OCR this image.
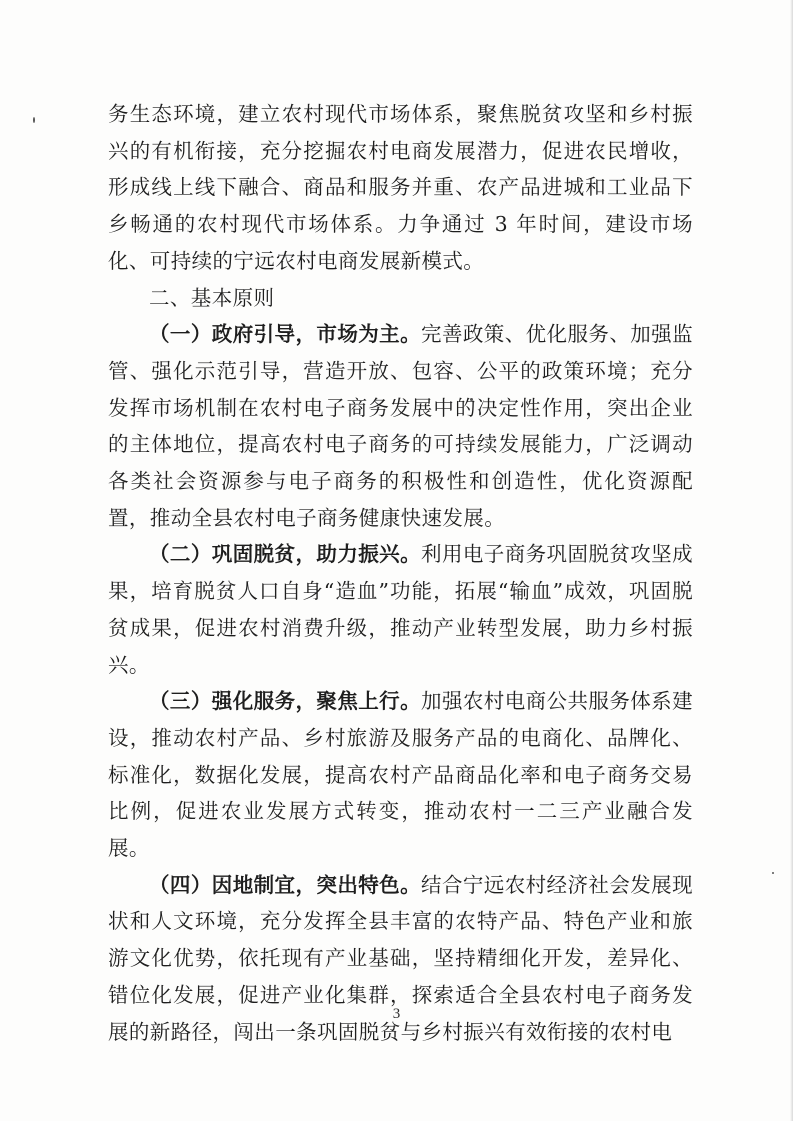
务生态环境，建立农村现代市场体系，聚焦脱贫攻坚和乡村振兴的有机衔接，充分挖掘农村电商发展潜力，促进农民增收，形成线上线下融合、商品和服务并重、农产品进城和工业品下乡畅通的农村现代市场体系。力争通过 3 年时间，建设市场化、可持续的宁远农村电商发展新模式。

二、基本原则

（一）政府引导，市场为主。完善政策、优化服务、加强监管、强化示范引导，营造开放、包容、公平的政策环境；充分发挥市场机制在农村电子商务发展中的决定性作用，突出企业的主体地位，提高农村电子商务的可持续发展能力，广泛调动各类社会资源参与电子商务的积极性和创造性，优化资源配置，推动全县农村电子商务健康快速发展。

（二）巩固脱贫，助力振兴。利用电子商务巩固脱贫攻坚成果，培育脱贫人口自身“造血”功能，拓展“输血”成效，巩固脱贫成果，促进农村消费升级，推动产业转型发展，助力乡村振兴。

（三）强化服务，聚焦上行。加强农村电商公共服务体系建设，推动农村产品、乡村旅游及服务产品的电商化、品牌化、标准化，数据化发展，提高农村产品商品化率和电子商务交易比例，促进农业发展方式转变，推动农村一二三产业融合发展。

（四）因地制宜，突出特色。结合宁远农村经济社会发展现状和人文环境，充分发挥全县丰富的农特产品、特色产业和旅游文化优势，依托现有产业基础，坚持精细化开发，差异化、错位化发展，促进产业化集群，探索适合全县农村电子商务发展的新路径，闯出一条巩固脱贫与乡村振兴有效衔接的农村电

3
